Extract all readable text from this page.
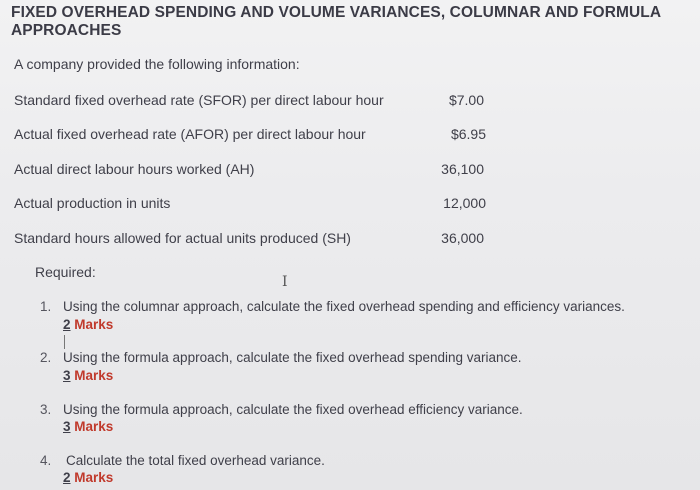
FIXED OVERHEAD SPENDING AND VOLUME VARIANCES, COLUMNAR AND FORMULA APPROACHES
A company provided the following information:
Standard fixed overhead rate (SFOR) per direct labour hour	$7.00
Actual fixed overhead rate (AFOR) per direct labour hour	$6.95
Actual direct labour hours worked (AH)	36,100
Actual production in units	12,000
Standard hours allowed for actual units produced (SH)	36,000
Required:
I
1. Using the columnar approach, calculate the fixed overhead spending and efficiency variances.
2 Marks
2. Using the formula approach, calculate the fixed overhead spending variance.
3 Marks
3. Using the formula approach, calculate the fixed overhead efficiency variance.
3 Marks
4. Calculate the total fixed overhead variance.
2 Marks
